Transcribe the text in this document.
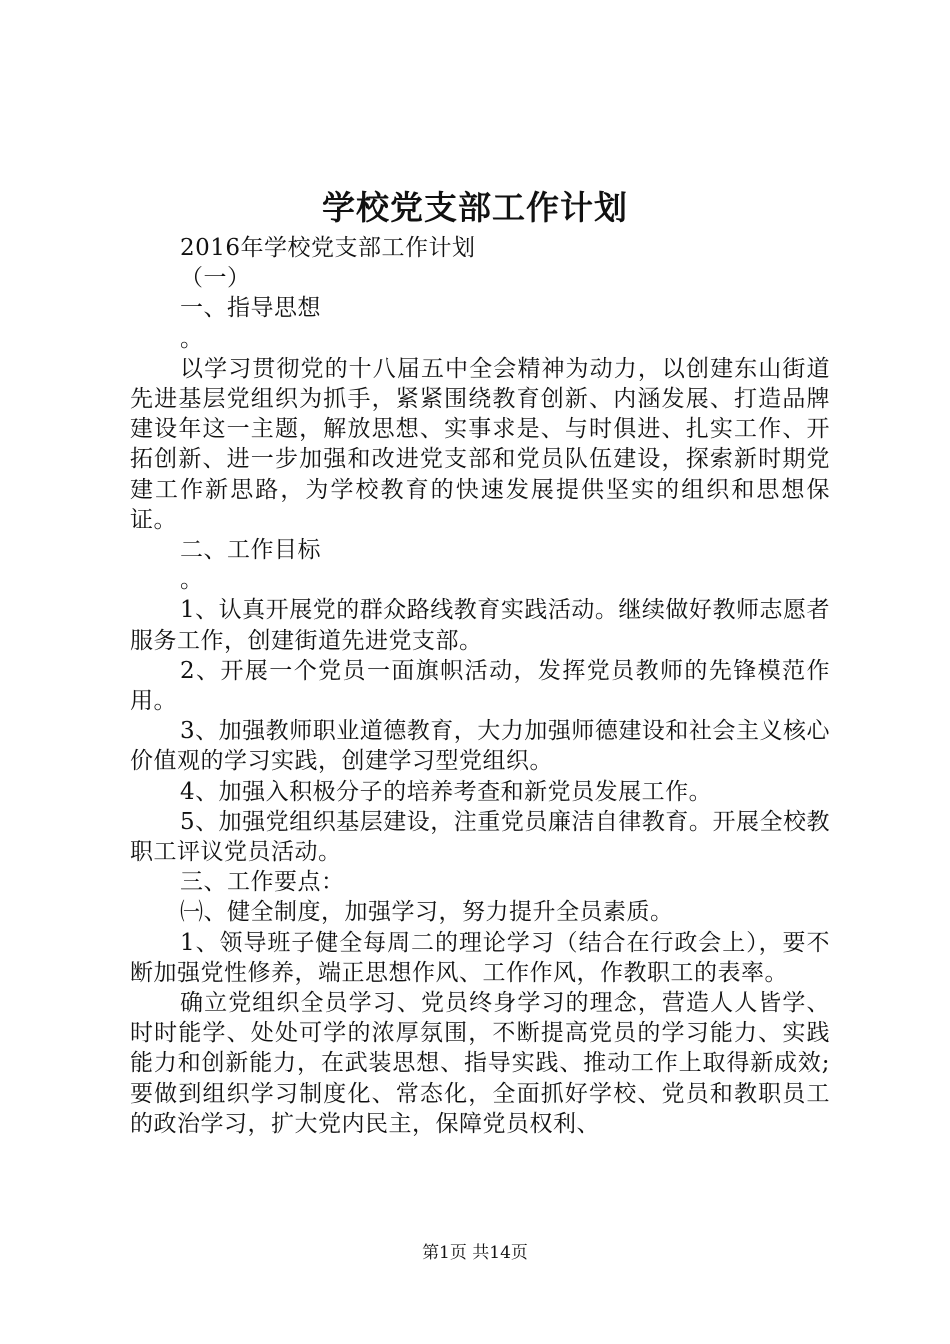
学校党支部工作计划

2016年学校党支部工作计划

（一）

一、指导思想

。

以学习贯彻党的十八届五中全会精神为动力，以创建东山街道先进基层党组织为抓手，紧紧围绕教育创新、内涵发展、打造品牌建设年这一主题，解放思想、实事求是、与时俱进、扎实工作、开拓创新、进一步加强和改进党支部和党员队伍建设，探索新时期党建工作新思路，为学校教育的快速发展提供坚实的组织和思想保证。

二、工作目标

。

1、认真开展党的群众路线教育实践活动。继续做好教师志愿者服务工作，创建街道先进党支部。

2、开展一个党员一面旗帜活动，发挥党员教师的先锋模范作用。

3、加强教师职业道德教育，大力加强师德建设和社会主义核心价值观的学习实践，创建学习型党组织。

4、加强入积极分子的培养考查和新党员发展工作。

5、加强党组织基层建设，注重党员廉洁自律教育。开展全校教职工评议党员活动。

三、工作要点：

㈠、健全制度，加强学习，努力提升全员素质。

1、领导班子健全每周二的理论学习（结合在行政会上），要不断加强党性修养，端正思想作风、工作作风，作教职工的表率。

确立党组织全员学习、党员终身学习的理念，营造人人皆学、时时能学、处处可学的浓厚氛围，不断提高党员的学习能力、实践能力和创新能力，在武装思想、指导实践、推动工作上取得新成效;要做到组织学习制度化、常态化，全面抓好学校、党员和教职员工的政治学习，扩大党内民主，保障党员权利、

第1页 共14页
